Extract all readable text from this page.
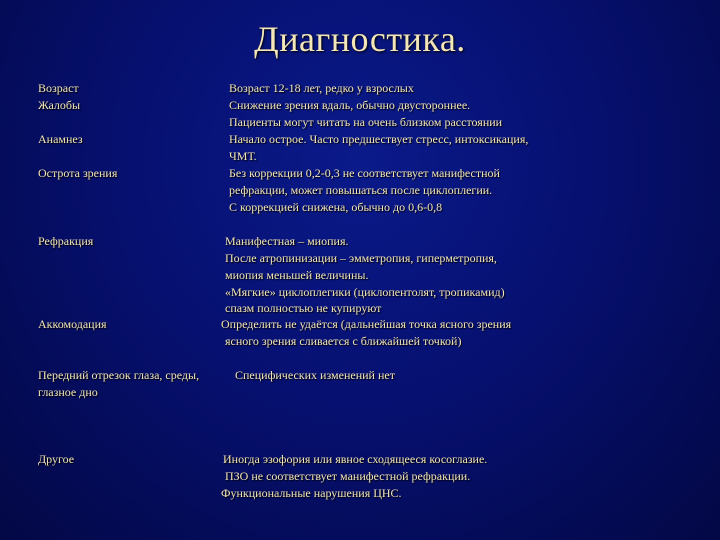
Диагностика.
Возраст
Жалобы
Анамнез
Острота зрения
Рефракция
Аккомодация
Передний отрезок глаза, среды,
глазное дно
Другое
Возраст 12-18 лет, редко у взрослых
Снижение зрения вдаль, обычно двустороннее.
Пациенты могут читать на очень близком расстоянии
Начало острое. Часто предшествует стресс, интоксикация,
ЧМТ.
Без коррекции 0,2-0,3 не соответствует манифестной
рефракции, может повышаться после циклоплегии.
С коррекцией снижена, обычно до 0,6-0,8
Манифестная – миопия.
После атропинизации – эмметропия, гиперметропия,
миопия меньшей величины.
«Мягкие» циклоплегики (циклопентолят, тропикамид)
спазм полностью не купируют
Определить не удаётся (дальнейшая точка ясного зрения
ясного зрения сливается с ближайшей точкой)
Специфических изменений нет
Иногда эзофория или явное сходящееся косоглазие.
ПЗО не соответствует манифестной рефракции.
Функциональные нарушения ЦНС.
